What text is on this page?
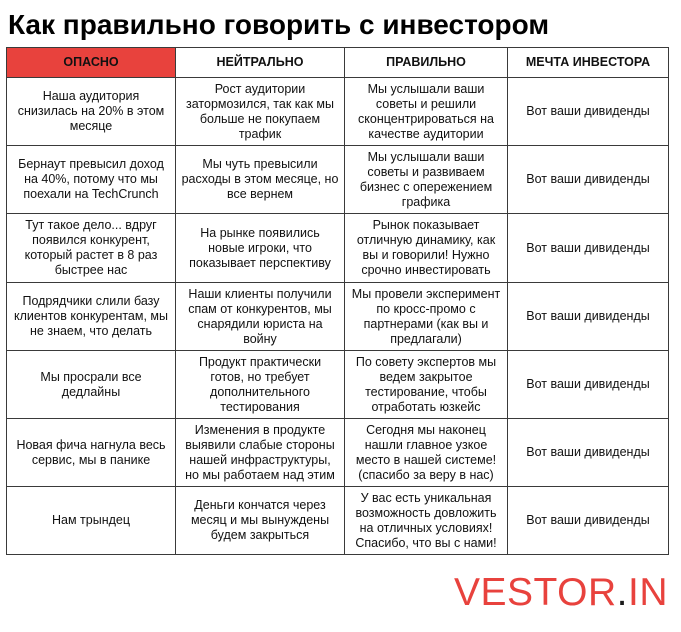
Как правильно говорить с инвестором
ОПАСНО	НЕЙТРАЛЬНО	ПРАВИЛЬНО	МЕЧТА ИНВЕСТОРА
Наша аудитория снизилась на 20% в этом месяце	Рост аудитории затормозился, так как мы больше не покупаем трафик	Мы услышали ваши советы и решили сконцентрироваться на качестве аудитории	Вот ваши дивиденды
Бернаут превысил доход на 40%, потому что мы поехали на TechCrunch	Мы чуть превысили расходы в этом месяце, но все вернем	Мы услышали ваши советы и развиваем бизнес с опережением графика	Вот ваши дивиденды
Тут такое дело... вдруг появился конкурент, который растет в 8 раз быстрее нас	На рынке появились новые игроки, что показывает перспективу	Рынок показывает отличную динамику, как вы и говорили! Нужно срочно инвестировать	Вот ваши дивиденды
Подрядчики слили базу клиентов конкурентам, мы не знаем, что делать	Наши клиенты получили спам от конкурентов, мы снарядили юриста на войну	Мы провели эксперимент по кросс-промо с партнерами (как вы и предлагали)	Вот ваши дивиденды
Мы просрали все дедлайны	Продукт практически готов, но требует дополнительного тестирования	По совету экспертов мы ведем закрытое тестирование, чтобы отработать юзкейс	Вот ваши дивиденды
Новая фича нагнула весь сервис, мы в панике	Изменения в продукте выявили слабые стороны нашей инфраструктуры, но мы работаем над этим	Сегодня мы наконец нашли главное узкое место в нашей системе! (спасибо за веру в нас)	Вот ваши дивиденды
Нам трындец	Деньги кончатся через месяц и мы вынуждены будем закрыться	У вас есть уникальная возможность довложить на отличных условиях! Спасибо, что вы с нами!	Вот ваши дивиденды
VESTOR.IN
